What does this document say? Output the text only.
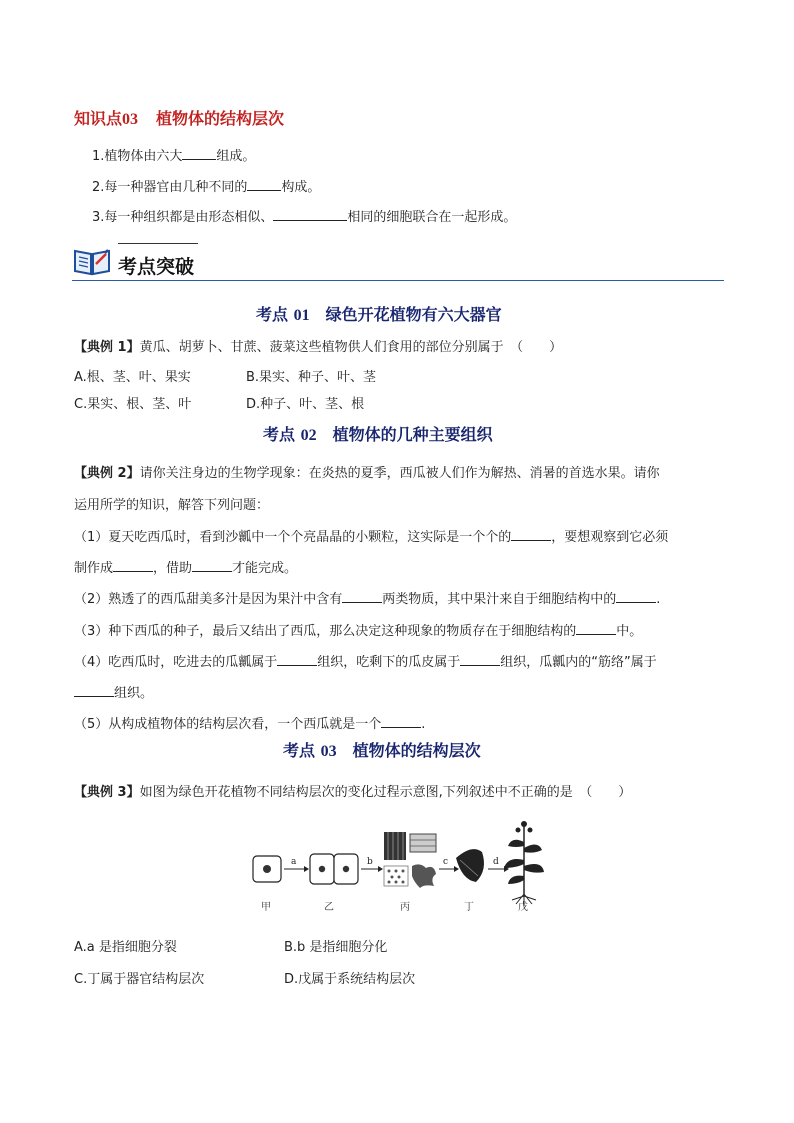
知识点03 植物体的结构层次
1.植物体由六大	组成。
2.每一种器官由几种不同的	构成。
3.每一种组织都是由形态相似、	相同的细胞联合在一起形成。
考点突破
考点 01 绿色开花植物有六大器官
【典例 1】黄瓜、胡萝卜、甘蔗、菠菜这些植物供人们食用的部位分别属于　（　　）
A.根、茎、叶、果实	B.果实、种子、叶、茎
C.果实、根、茎、叶	D.种子、叶、茎、根
考点 02 植物体的几种主要组织
【典例 2】请你关注身边的生物学现象：在炎热的夏季，西瓜被人们作为解热、消暑的首选水果。请你
运用所学的知识，解答下列问题：
（1）夏天吃西瓜时，看到沙瓤中一个个亮晶晶的小颗粒，这实际是一个个的	，要想观察到它必须
制作成	，借助	才能完成。
（2）熟透了的西瓜甜美多汁是因为果汁中含有	两类物质，其中果汁来自于细胞结构中的	.
（3）种下西瓜的种子，最后又结出了西瓜，那么决定这种现象的物质存在于细胞结构的	中。
（4）吃西瓜时，吃进去的瓜瓤属于	组织，吃剩下的瓜皮属于	组织，瓜瓤内的“筋络”属于
组织。
（5）从构成植物体的结构层次看，一个西瓜就是一个	.
考点 03 植物体的结构层次
【典例 3】如图为绿色开花植物不同结构层次的变化过程示意图,下列叙述中不正确的是　（　　）
a	b	c	d
甲	乙	丙	丁	戊
A.a 是指细胞分裂	B.b 是指细胞分化
C.丁属于器官结构层次	D.戊属于系统结构层次
